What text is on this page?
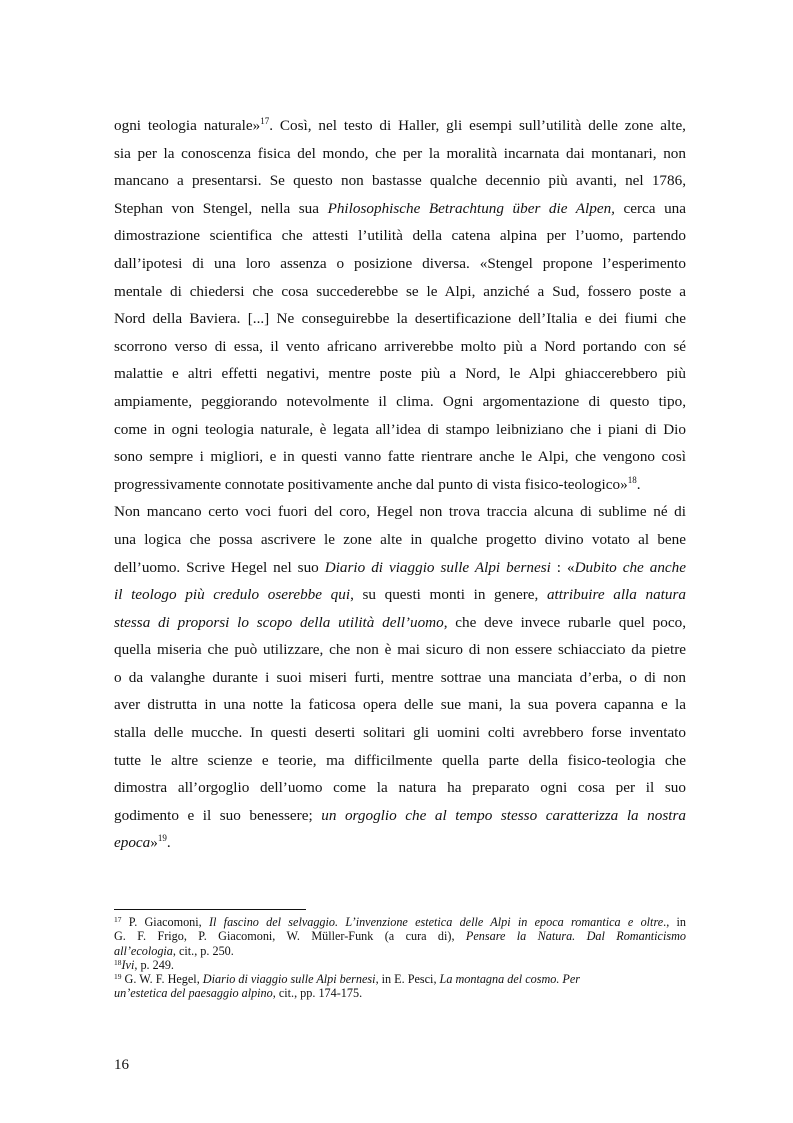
ogni teologia naturale»$^{17}$. Così, nel testo di Haller, gli esempi sull’utilità delle zone alte,
sia per la conoscenza fisica del mondo, che per la moralità incarnata dai montanari, non
mancano a presentarsi. Se questo non bastasse qualche decennio più avanti, nel 1786,
Stephan von Stengel, nella sua Philosophische Betrachtung über die Alpen, cerca una
dimostrazione scientifica che attesti l’utilità della catena alpina per l’uomo, partendo
dall’ipotesi di una loro assenza o posizione diversa. «Stengel propone l’esperimento
mentale di chiedersi che cosa succederebbe se le Alpi, anziché a Sud, fossero poste a
Nord della Baviera. [...] Ne conseguirebbe la desertificazione dell’Italia e dei fiumi che
scorrono verso di essa, il vento africano arriverebbe molto più a Nord portando con sé
malattie e altri effetti negativi, mentre poste più a Nord, le Alpi ghiaccerebbero più
ampiamente, peggiorando notevolmente il clima. Ogni argomentazione di questo tipo,
come in ogni teologia naturale, è legata all’idea di stampo leibniziano che i piani di Dio
sono sempre i migliori, e in questi vanno fatte rientrare anche le Alpi, che vengono così
progressivamente connotate positivamente anche dal punto di vista fisico-teologico»$^{18}$.
Non mancano certo voci fuori del coro, Hegel non trova traccia alcuna di sublime né di
una logica che possa ascrivere le zone alte in qualche progetto divino votato al bene
dell’uomo. Scrive Hegel nel suo Diario di viaggio sulle Alpi bernesi : «Dubito che anche
il teologo più credulo oserebbe qui, su questi monti in genere, attribuire alla natura
stessa di proporsi lo scopo della utilità dell’uomo, che deve invece rubarle quel poco,
quella miseria che può utilizzare, che non è mai sicuro di non essere schiacciato da pietre
o da valanghe durante i suoi miseri furti, mentre sottrae una manciata d’erba, o di non
aver distrutta in una notte la faticosa opera delle sue mani, la sua povera capanna e la
stalla delle mucche. In questi deserti solitari gli uomini colti avrebbero forse inventato
tutte le altre scienze e teorie, ma difficilmente quella parte della fisico-teologia che
dimostra all’orgoglio dell’uomo come la natura ha preparato ogni cosa per il suo
godimento e il suo benessere; un orgoglio che al tempo stesso caratterizza la nostra
epoca»$^{19}$.
$^{17}$ P. Giacomoni, Il fascino del selvaggio. L’invenzione estetica delle Alpi in epoca romantica e oltre., in
G. F. Frigo, P. Giacomoni, W. Müller-Funk (a cura di), Pensare la Natura. Dal Romanticismo
all’ecologia, cit., p. 250.
$^{18}$Ivi, p. 249.
$^{19}$ G. W. F. Hegel, Diario di viaggio sulle Alpi bernesi, in E. Pesci, La montagna del cosmo. Per
un’estetica del paesaggio alpino, cit., pp. 174-175.
16
